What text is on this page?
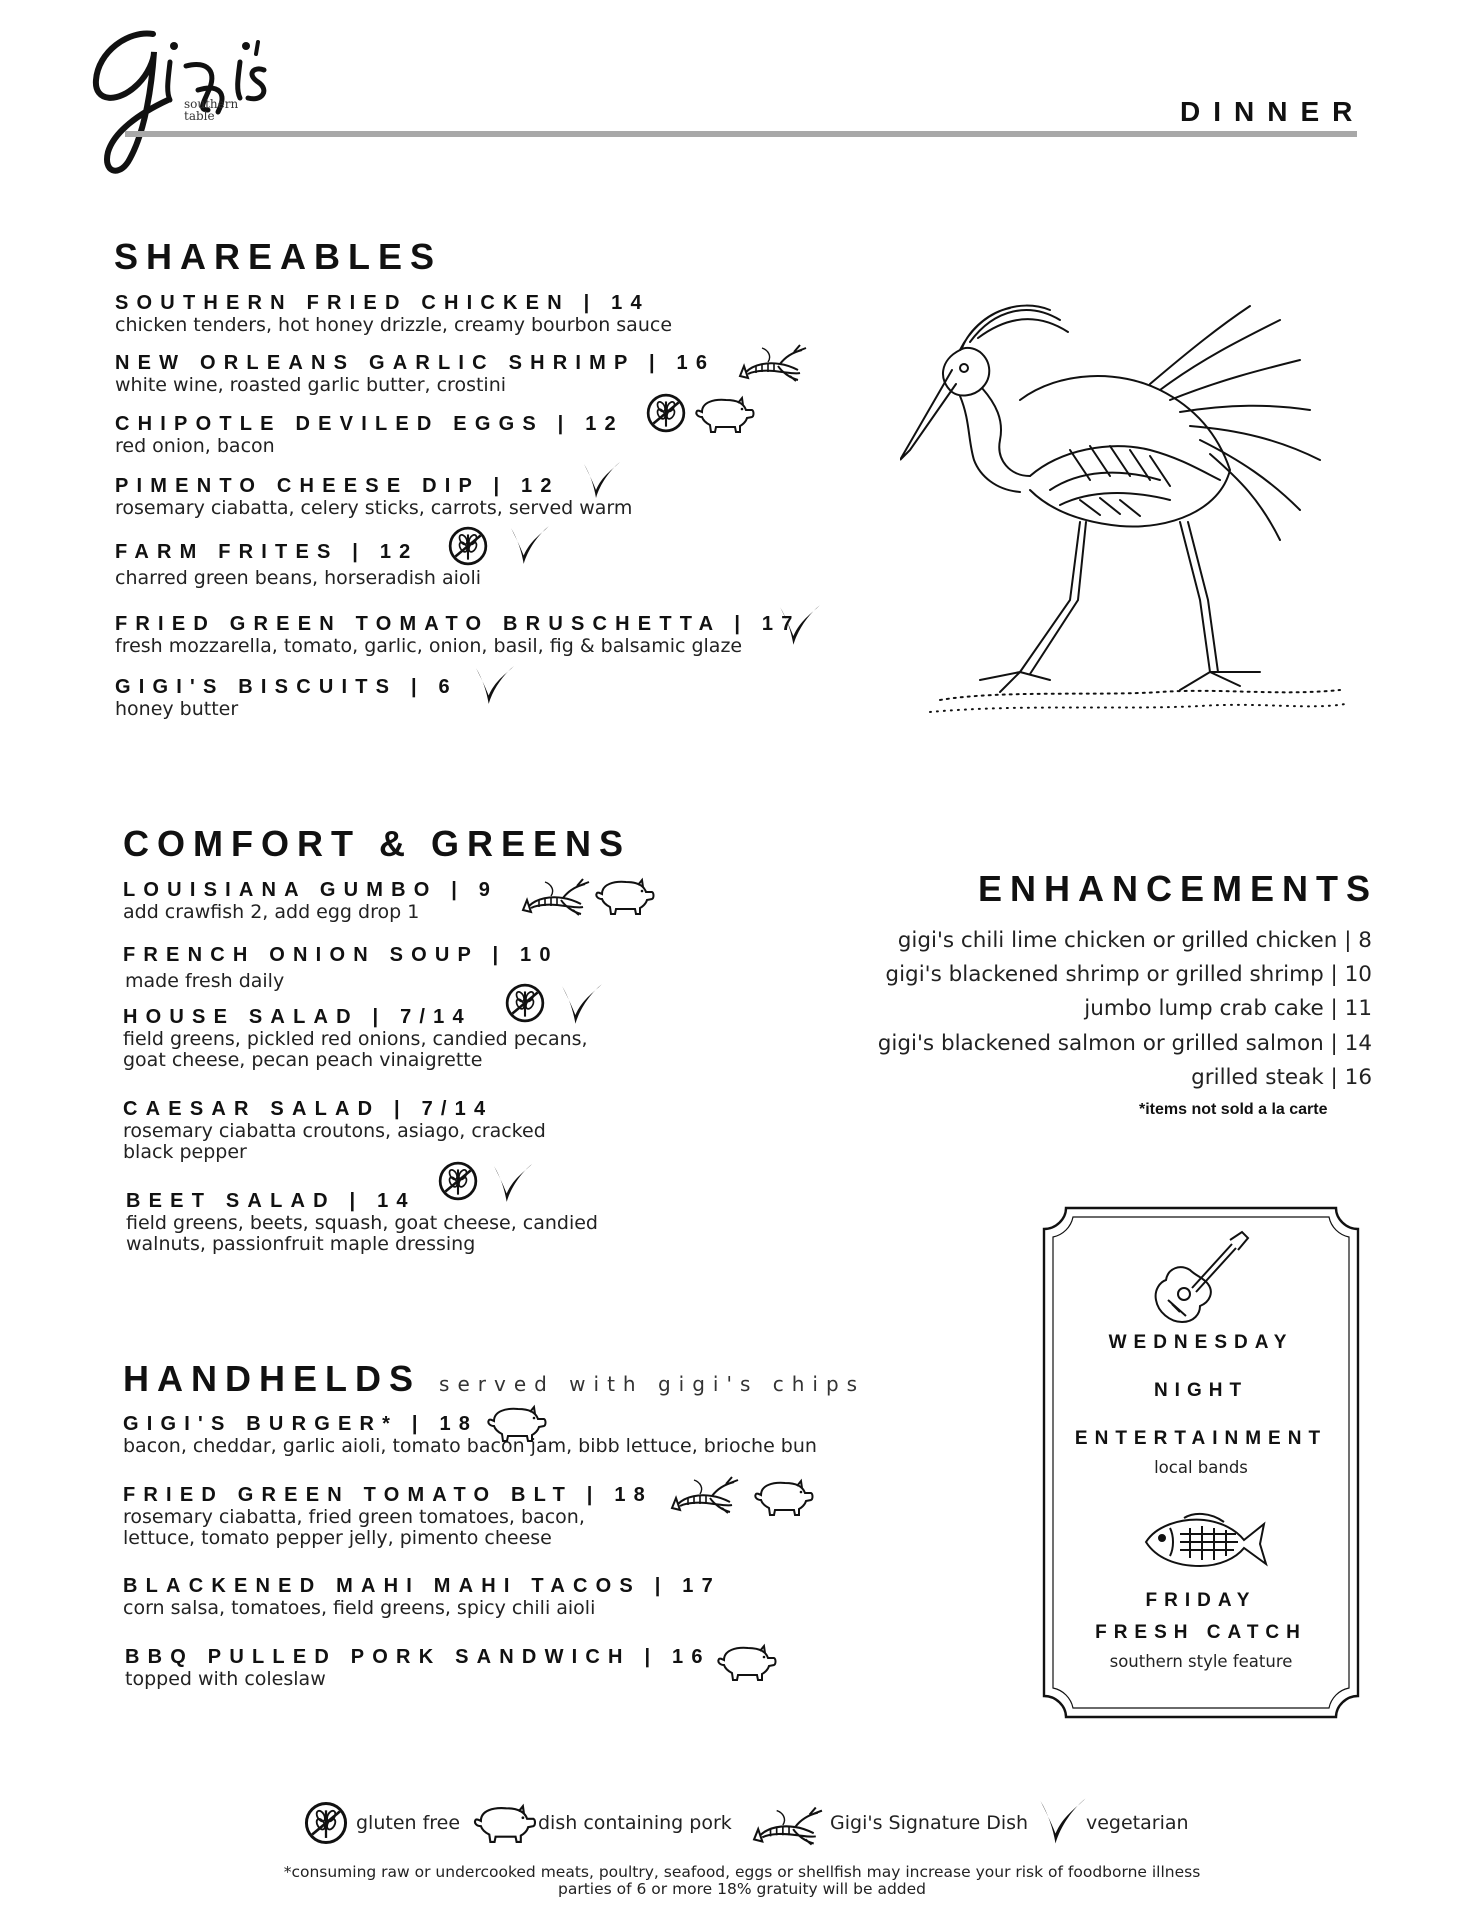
southern
table	DINNER
SHAREABLES
SOUTHERN FRIED CHICKEN | 14
chicken tenders, hot honey drizzle, creamy bourbon sauce
NEW ORLEANS GARLIC SHRIMP | 16
white wine, roasted garlic butter, crostini
CHIPOTLE DEVILED EGGS | 12
red onion, bacon
PIMENTO CHEESE DIP | 12
rosemary ciabatta, celery sticks, carrots, served warm
FARM FRITES | 12
charred green beans, horseradish aioli
FRIED GREEN TOMATO BRUSCHETTA | 17
fresh mozzarella, tomato, garlic, onion, basil, fig & balsamic glaze
GIGI'S BISCUITS | 6
honey butter
COMFORT & GREENS
LOUISIANA GUMBO | 9
add crawfish 2, add egg drop 1
FRENCH ONION SOUP | 10
made fresh daily
HOUSE SALAD | 7/14
field greens, pickled red onions, candied pecans,
goat cheese, pecan peach vinaigrette
CAESAR SALAD | 7/14
rosemary ciabatta croutons, asiago, cracked
black pepper
BEET SALAD | 14
field greens, beets, squash, goat cheese, candied
walnuts, passionfruit maple dressing
HANDHELDS served with gigi's chips
GIGI'S BURGER* | 18
bacon, cheddar, garlic aioli, tomato bacon jam, bibb lettuce, brioche bun
FRIED GREEN TOMATO BLT | 18
rosemary ciabatta, fried green tomatoes, bacon,
lettuce, tomato pepper jelly, pimento cheese
BLACKENED MAHI MAHI TACOS | 17
corn salsa, tomatoes, field greens, spicy chili aioli
BBQ PULLED PORK SANDWICH | 16
topped with coleslaw
ENHANCEMENTS
gigi's chili lime chicken or grilled chicken | 8
gigi's blackened shrimp or grilled shrimp | 10
jumbo lump crab cake | 11
gigi's blackened salmon or grilled salmon | 14
grilled steak | 16
*items not sold a la carte
WEDNESDAY
NIGHT
ENTERTAINMENT
local bands
FRIDAY
FRESH CATCH
southern style feature
gluten free	dish containing pork	Gigi's Signature Dish	vegetarian
*consuming raw or undercooked meats, poultry, seafood, eggs or shellfish may increase your risk of foodborne illness
parties of 6 or more 18% gratuity will be added
